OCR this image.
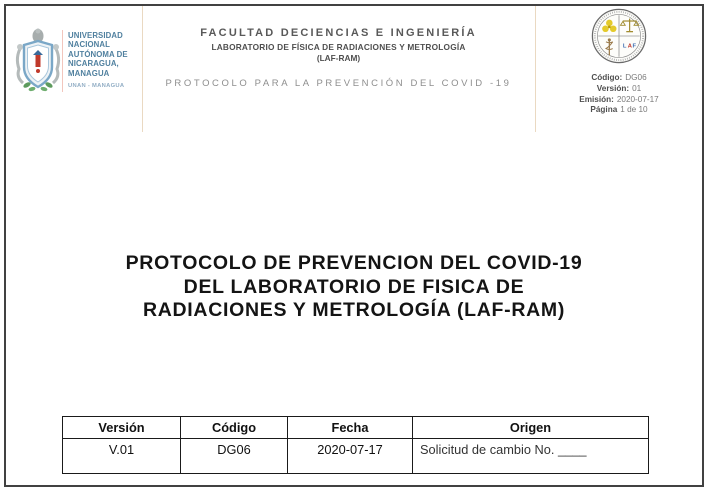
UNIVERSIDAD
NACIONAL
AUTÓNOMA DE
NICARAGUA,
MANAGUA
UNAN - MANAGUA
FACULTAD DECIENCIAS E INGENIERÍA
LABORATORIO DE FÍSICA DE RADIACIONES Y METROLOGÍA
(LAF-RAM)
PROTOCOLO PARA LA PREVENCIÓN DEL COVID -19
L A F
Código: DG06
Versión: 01
Emisión: 2020-07-17
Página 1 de 10
PROTOCOLO DE PREVENCION DEL COVID-19
DEL LABORATORIO DE FISICA DE
RADIACIONES Y METROLOGÍA (LAF-RAM)
Versión	Código	Fecha	Origen
V.01	DG06	2020-07-17	Solicitud de cambio No. ____
